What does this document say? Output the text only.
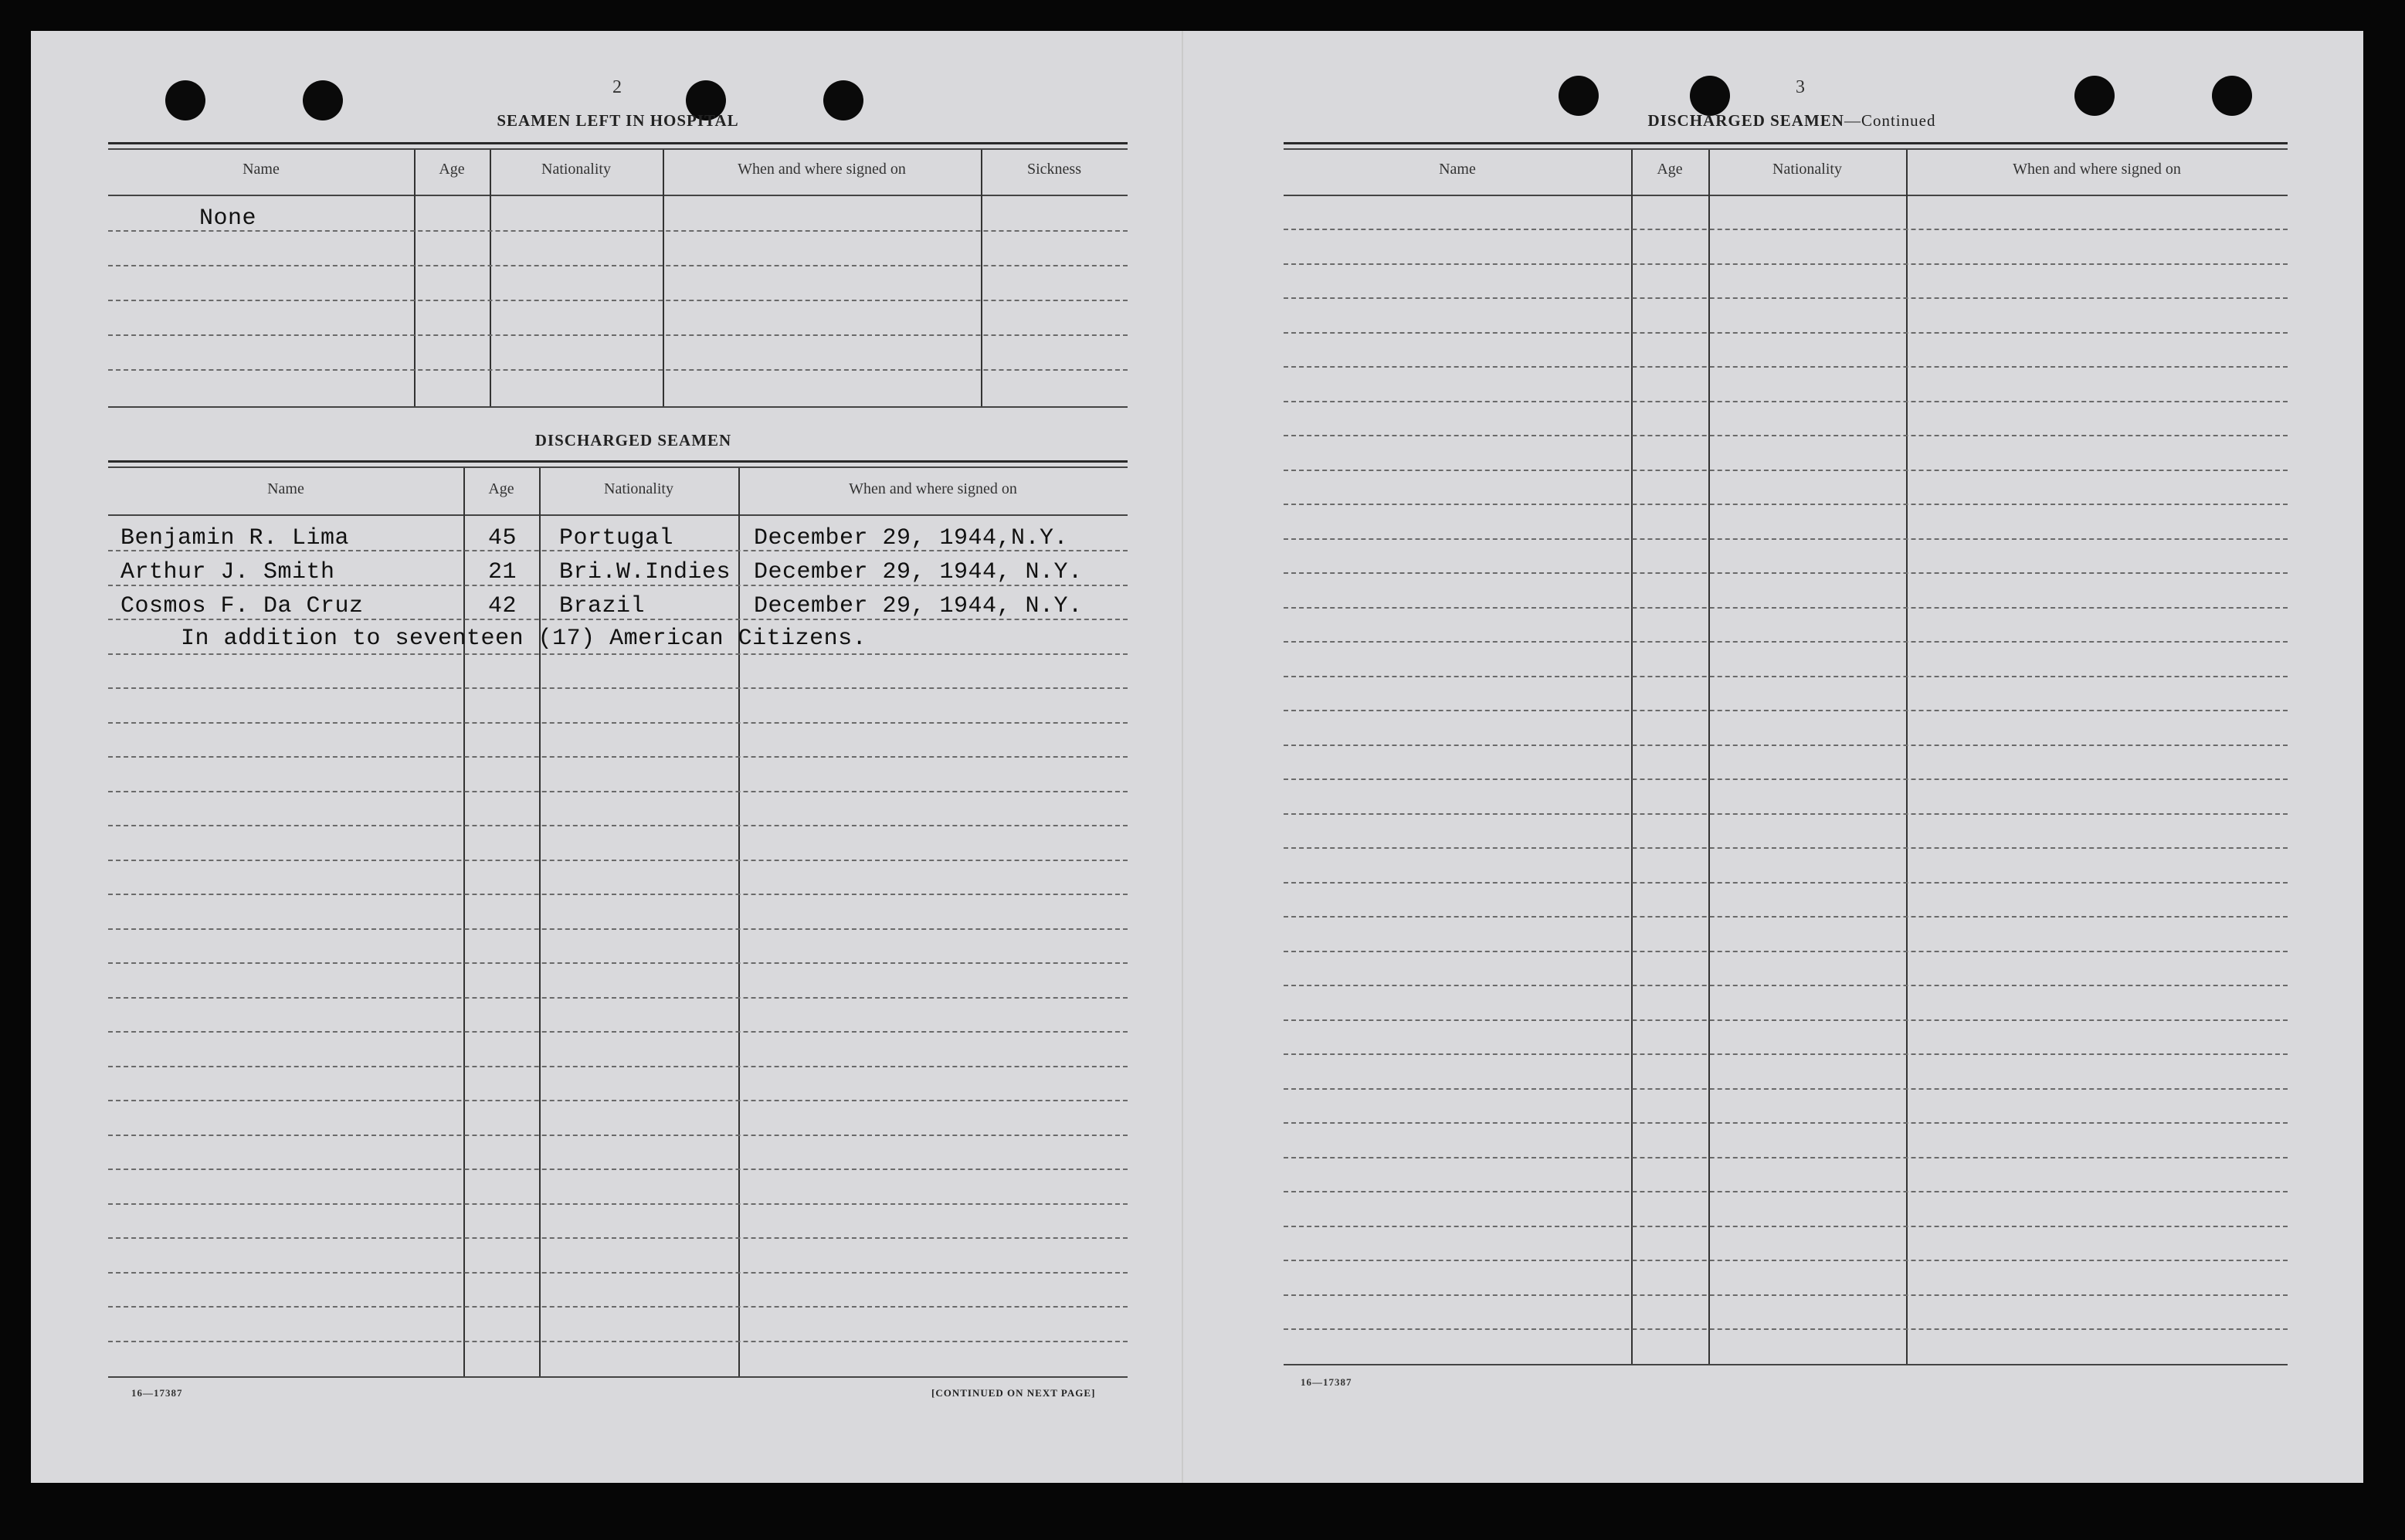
2
SEAMEN LEFT IN HOSPITAL
Name	Age	Nationality	When and where signed on	Sickness
None
DISCHARGED SEAMEN
Name	Age	Nationality	When and where signed on
Benjamin R. Lima	45 Portugal	December 29, 1944,N.Y.
Arthur J. Smith	21 Bri.W.Indies December 29, 1944, N.Y.
Cosmos F. Da Cruz	42 Brazil	December 29, 1944, N.Y.
In addition to seventeen (17) American Citizens.
16—17387	[CONTINUED ON NEXT PAGE]
3
DISCHARGED SEAMEN—Continued
Name	Age	Nationality	When and where signed on
16—17387
